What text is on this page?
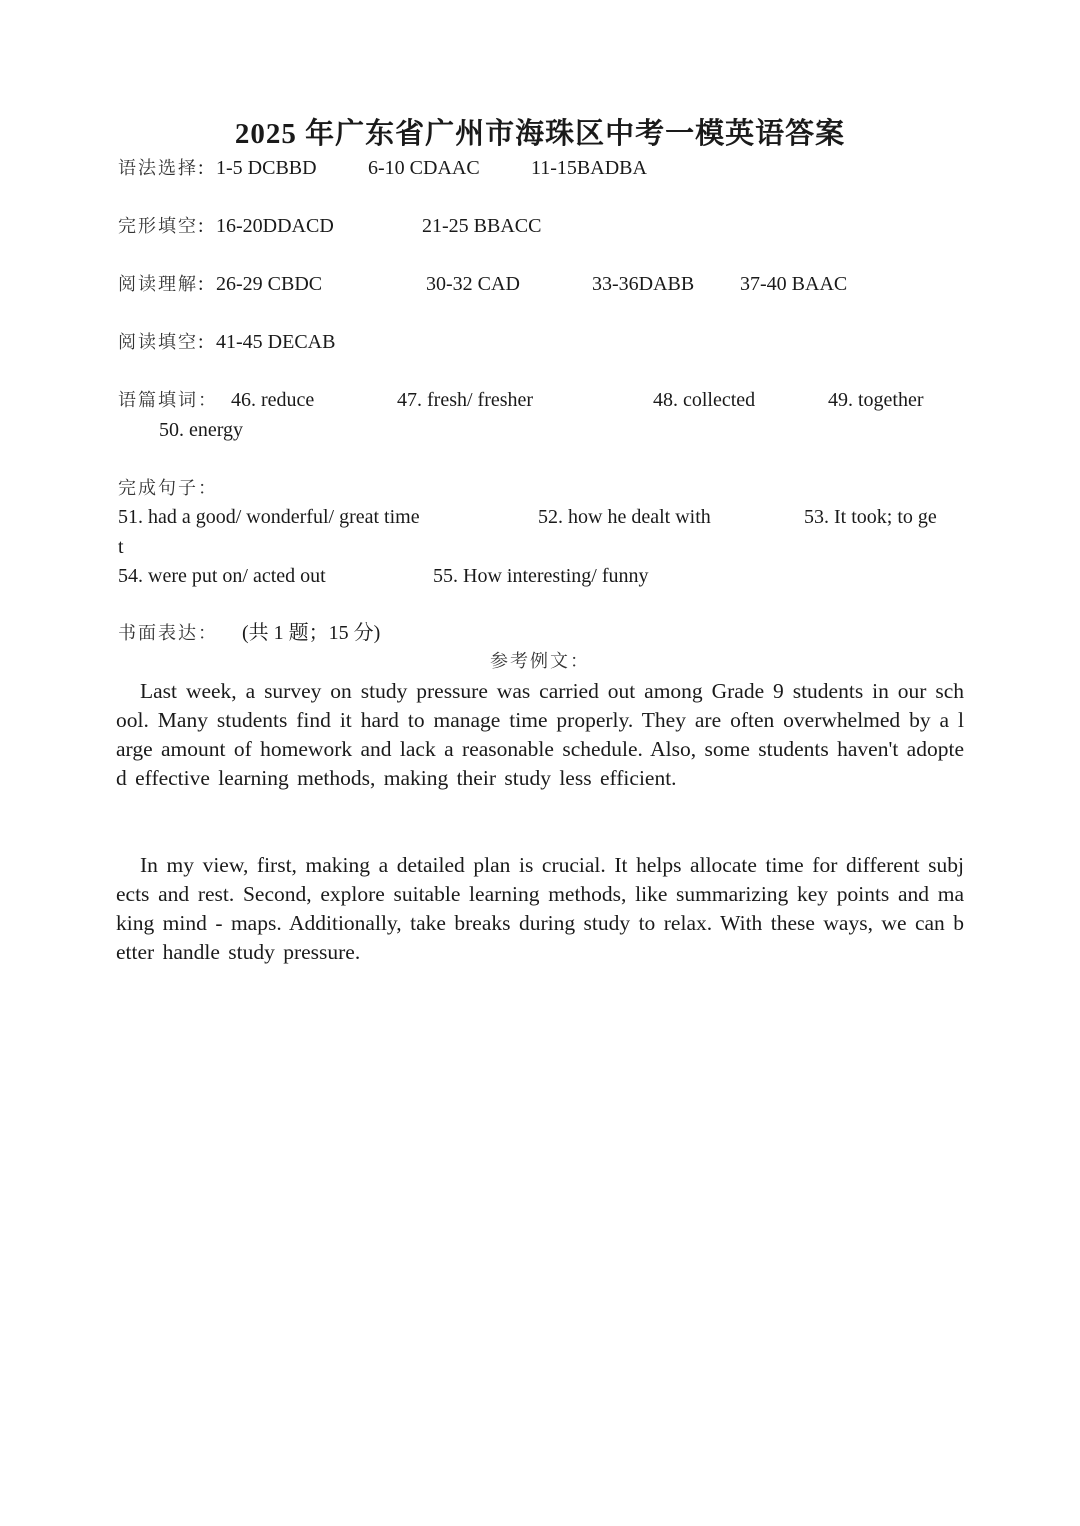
2025 年广东省广州市海珠区中考一模英语答案
语法选择: 1-5 DCBBD	6-10 CDAAC	11-15BADBA
完形填空: 16-20DDACD	21-25 BBACC
阅读理解: 26-29 CBDC	30-32 CAD	33-36DABB 37-40 BAAC
阅读填空: 41-45 DECAB
语篇填词： 46. reduce	47. fresh/ fresher	48. collected	49. together
50. energy
完成句子：
51. had a good/ wonderful/ great time	52. how he dealt with	53. It took; to ge
t
54. were put on/ acted out	55. How interesting/ funny
书面表达： (共 1 题；15 分)
参考例文：

Last week, a survey on study pressure was carried out among Grade 9 students in our school. Many students find it hard to manage time properly. They are often overwhelmed by a large amount of homework and lack a reasonable schedule. Also, some students haven't adopted effective learning methods, making their study less efficient.

In my view, first, making a detailed plan is crucial. It helps allocate time for different subjects and rest. Second, explore suitable learning methods, like summarizing key points and making mind - maps. Additionally, take breaks during study to relax. With these ways, we can better handle study pressure.
